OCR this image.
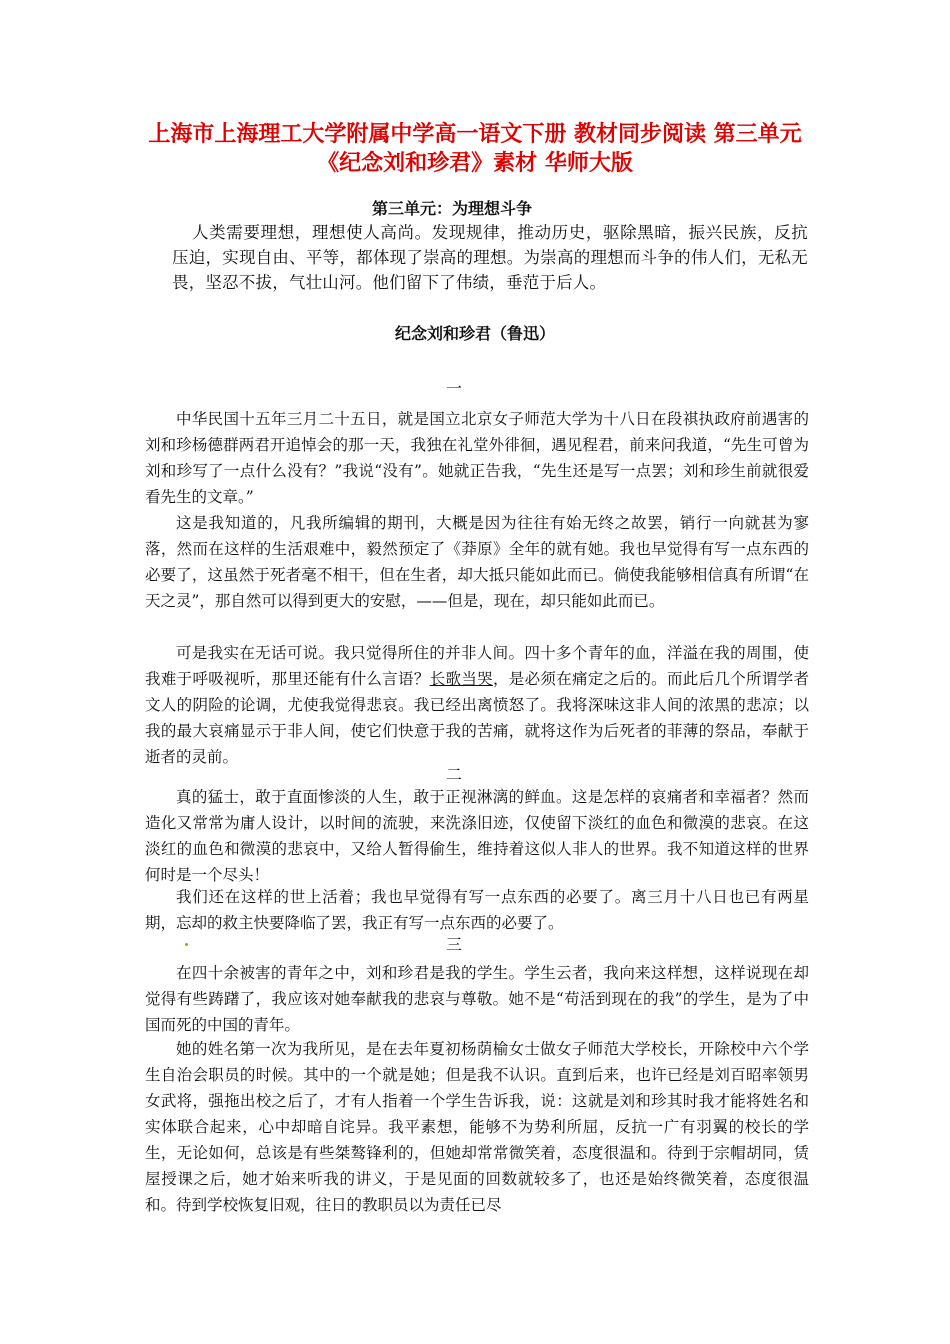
上海市上海理工大学附属中学高一语文下册 教材同步阅读 第三单元《纪念刘和珍君》素材 华师大版
第三单元：为理想斗争

人类需要理想，理想使人高尚。发现规律，推动历史，驱除黑暗，振兴民族，反抗压迫，实现自由、平等，都体现了崇高的理想。为崇高的理想而斗争的伟人们，无私无畏，坚忍不拔，气壮山河。他们留下了伟绩，垂范于后人。

纪念刘和珍君（鲁迅）
一

中华民国十五年三月二十五日，就是国立北京女子师范大学为十八日在段祺执政府前遇害的刘和珍杨德群两君开追悼会的那一天，我独在礼堂外徘徊，遇见程君，前来问我道，“先生可曾为刘和珍写了一点什么没有？”我说“没有”。她就正告我，“先生还是写一点罢；刘和珍生前就很爱看先生的文章。”

这是我知道的，凡我所编辑的期刊，大概是因为往往有始无终之故罢，销行一向就甚为寥落，然而在这样的生活艰难中，毅然预定了《莽原》全年的就有她。我也早觉得有写一点东西的必要了，这虽然于死者毫不相干，但在生者，却大抵只能如此而已。倘使我能够相信真有所谓“在天之灵”，那自然可以得到更大的安慰，——但是，现在，却只能如此而已。

可是我实在无话可说。我只觉得所住的并非人间。四十多个青年的血，洋溢在我的周围，使我难于呼吸视听，那里还能有什么言语？长歌当哭，是必须在痛定之后的。而此后几个所谓学者文人的阴险的论调，尤使我觉得悲哀。我已经出离愤怒了。我将深味这非人间的浓黑的悲凉；以我的最大哀痛显示于非人间，使它们快意于我的苦痛，就将这作为后死者的菲薄的祭品，奉献于逝者的灵前。

二

真的猛士，敢于直面惨淡的人生，敢于正视淋漓的鲜血。这是怎样的哀痛者和幸福者？然而造化又常常为庸人设计，以时间的流驶，来洗涤旧迹，仅使留下淡红的血色和微漠的悲哀。在这淡红的血色和微漠的悲哀中，又给人暂得偷生，维持着这似人非人的世界。我不知道这样的世界何时是一个尽头！

我们还在这样的世上活着；我也早觉得有写一点东西的必要了。离三月十八日也已有两星期，忘却的救主快要降临了罢，我正有写一点东西的必要了。

三

在四十余被害的青年之中，刘和珍君是我的学生。学生云者，我向来这样想，这样说现在却觉得有些踌躇了，我应该对她奉献我的悲哀与尊敬。她不是“苟活到现在的我”的学生，是为了中国而死的中国的青年。

她的姓名第一次为我所见，是在去年夏初杨荫榆女士做女子师范大学校长，开除校中六个学生自治会职员的时候。其中的一个就是她；但是我不认识。直到后来，也许已经是刘百昭率领男女武将，强拖出校之后了，才有人指着一个学生告诉我，说：这就是刘和珍其时我才能将姓名和实体联合起来，心中却暗自诧异。我平素想，能够不为势利所屈，反抗一广有羽翼的校长的学生，无论如何，总该是有些桀骜锋利的，但她却常常微笑着，态度很温和。待到于宗帽胡同，赁屋授课之后，她才始来听我的讲义，于是见面的回数就较多了，也还是始终微笑着，态度很温和。待到学校恢复旧观，往日的教职员以为责任已尽
